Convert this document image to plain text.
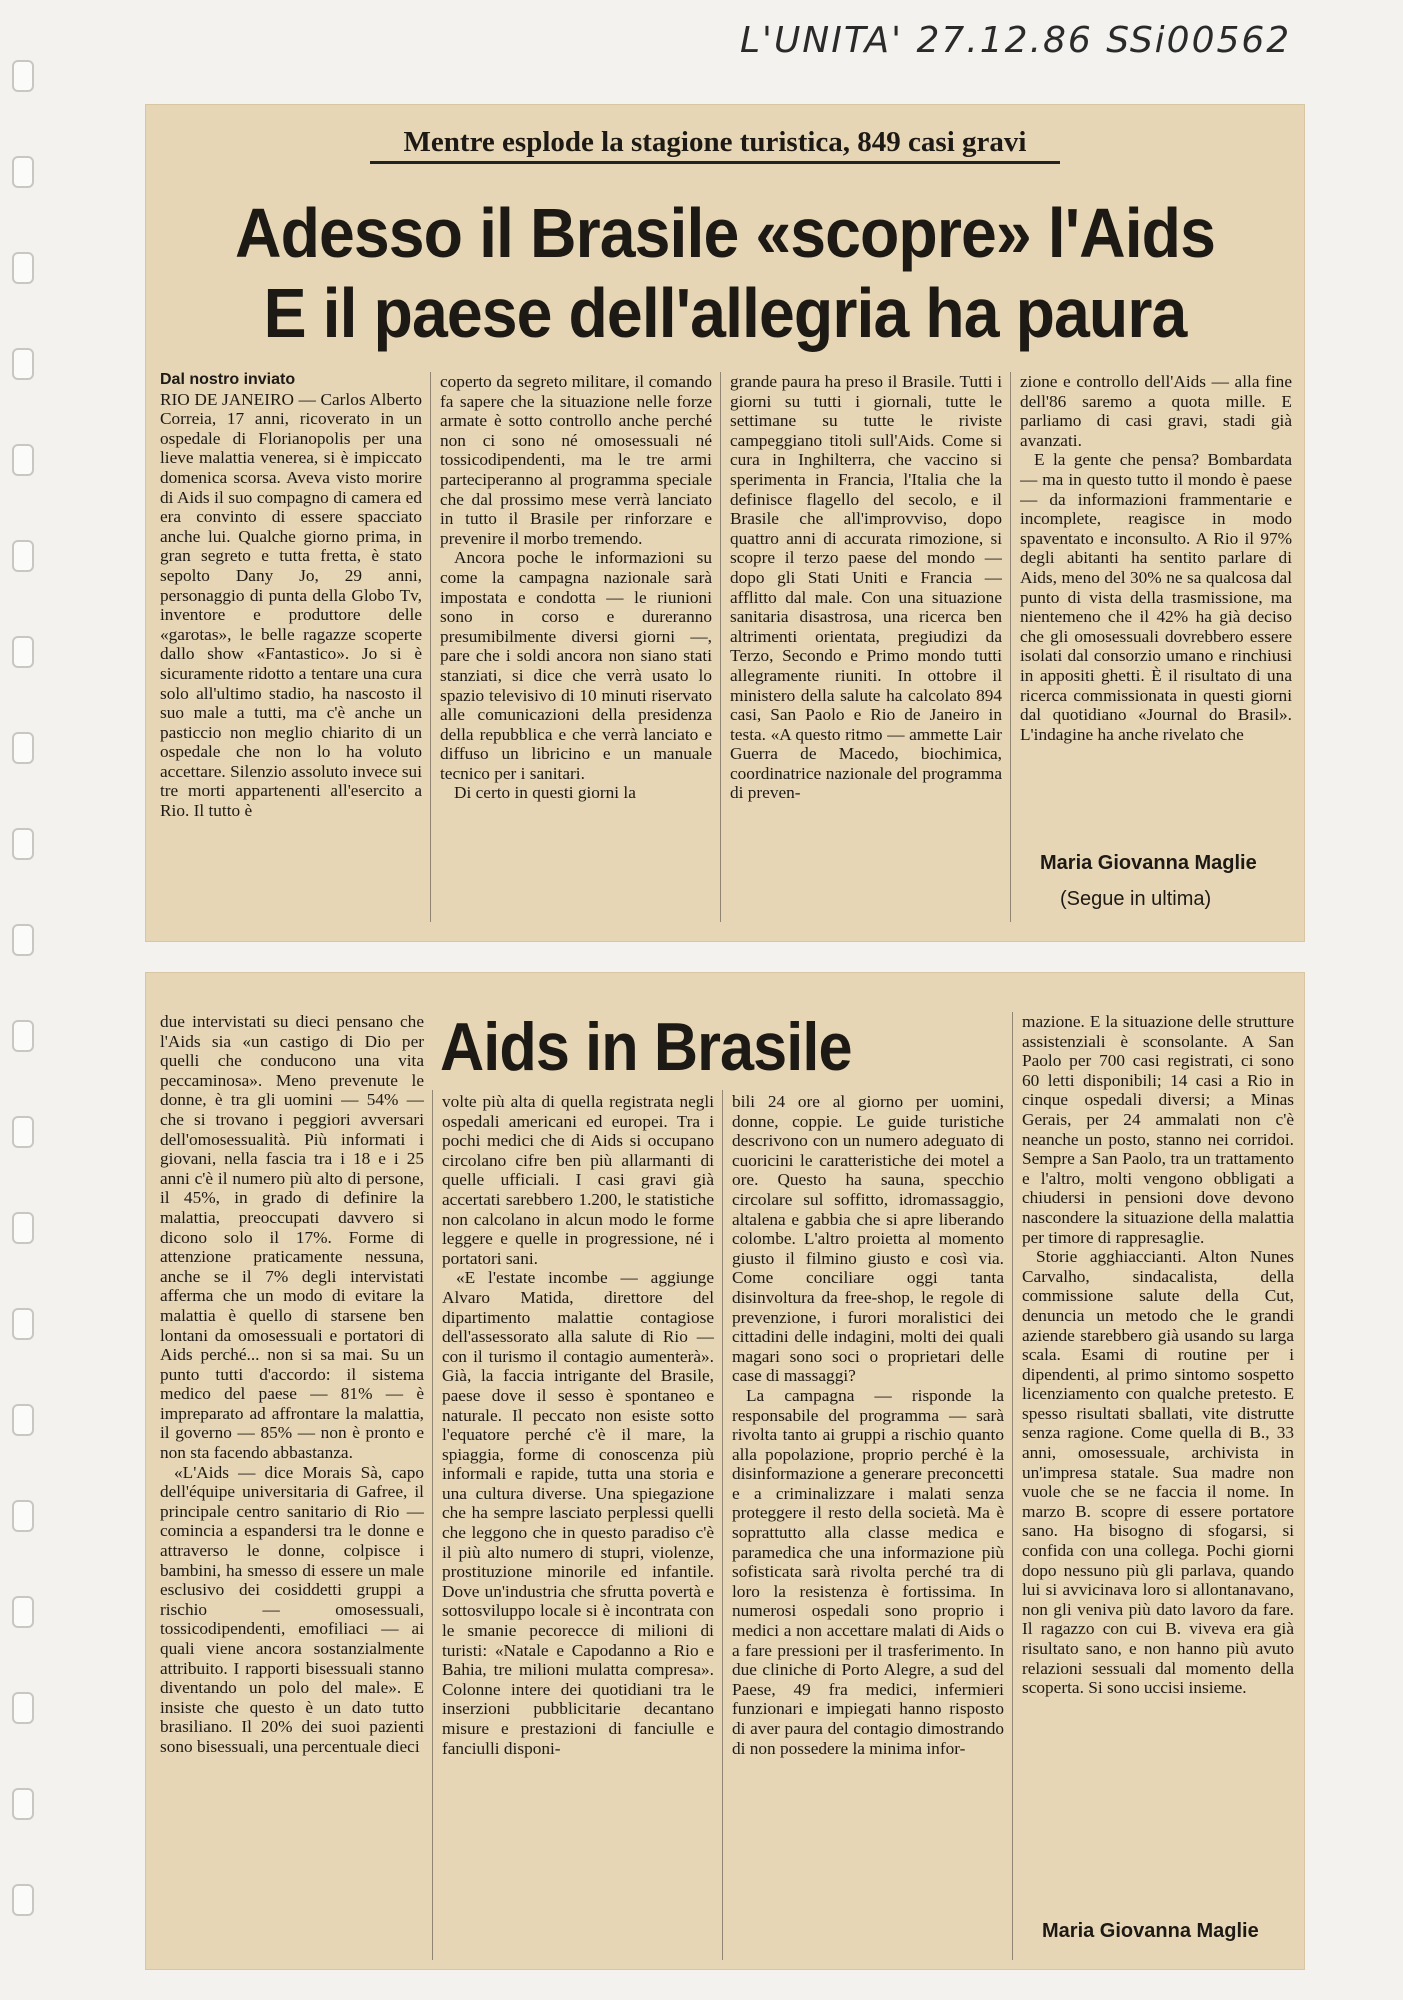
L'UNITA' 27.12.86 SSi00562
Mentre esplode la stagione turistica, 849 casi gravi
Adesso il Brasile «scopre» l'Aids
E il paese dell'allegria ha paura
Dal nostro inviato

RIO DE JANEIRO — Carlos Alberto Correia, 17 anni, ricoverato in un ospedale di Florianopolis per una lieve malattia venerea, si è impiccato domenica scorsa. Aveva visto morire di Aids il suo compagno di camera ed era convinto di essere spacciato anche lui. Qualche giorno prima, in gran segreto e tutta fretta, è stato sepolto Dany Jo, 29 anni, personaggio di punta della Globo Tv, inventore e produttore delle «garotas», le belle ragazze scoperte dallo show «Fantastico». Jo si è sicuramente ridotto a tentare una cura solo all'ultimo stadio, ha nascosto il suo male a tutti, ma c'è anche un pasticcio non meglio chiarito di un ospedale che non lo ha voluto accettare. Silenzio assoluto invece sui tre morti appartenenti all'esercito a Rio. Il tutto è

coperto da segreto militare, il comando fa sapere che la situazione nelle forze armate è sotto controllo anche perché non ci sono né omosessuali né tossicodipendenti, ma le tre armi parteciperanno al programma speciale che dal prossimo mese verrà lanciato in tutto il Brasile per rinforzare e prevenire il morbo tremendo.

Ancora poche le informazioni su come la campagna nazionale sarà impostata e condotta — le riunioni sono in corso e dureranno presumibilmente diversi giorni —, pare che i soldi ancora non siano stati stanziati, si dice che verrà usato lo spazio televisivo di 10 minuti riservato alle comunicazioni della presidenza della repubblica e che verrà lanciato e diffuso un libricino e un manuale tecnico per i sanitari.

Di certo in questi giorni la

grande paura ha preso il Brasile. Tutti i giorni su tutti i giornali, tutte le settimane su tutte le riviste campeggiano titoli sull'Aids. Come si cura in Inghilterra, che vaccino si sperimenta in Francia, l'Italia che la definisce flagello del secolo, e il Brasile che all'improvviso, dopo quattro anni di accurata rimozione, si scopre il terzo paese del mondo — dopo gli Stati Uniti e Francia — afflitto dal male. Con una situazione sanitaria disastrosa, una ricerca ben altrimenti orientata, pregiudizi da Terzo, Secondo e Primo mondo tutti allegramente riuniti. In ottobre il ministero della salute ha calcolato 894 casi, San Paolo e Rio de Janeiro in testa. «A questo ritmo — ammette Lair Guerra de Macedo, biochimica, coordinatrice nazionale del programma di preven-

zione e controllo dell'Aids — alla fine dell'86 saremo a quota mille. E parliamo di casi gravi, stadi già avanzati.

E la gente che pensa? Bombardata — ma in questo tutto il mondo è paese — da informazioni frammentarie e incomplete, reagisce in modo spaventato e inconsulto. A Rio il 97% degli abitanti ha sentito parlare di Aids, meno del 30% ne sa qualcosa dal punto di vista della trasmissione, ma nientemeno che il 42% ha già deciso che gli omosessuali dovrebbero essere isolati dal consorzio umano e rinchiusi in appositi ghetti. È il risultato di una ricerca commissionata in questi giorni dal quotidiano «Journal do Brasil». L'indagine ha anche rivelato che

Maria Giovanna Maglie
(Segue in ultima)
Aids in Brasile

due intervistati su dieci pensano che l'Aids sia «un castigo di Dio per quelli che conducono una vita peccaminosa». Meno prevenute le donne, è tra gli uomini — 54% — che si trovano i peggiori avversari dell'omosessualità. Più informati i giovani, nella fascia tra i 18 e i 25 anni c'è il numero più alto di persone, il 45%, in grado di definire la malattia, preoccupati davvero si dicono solo il 17%. Forme di attenzione praticamente nessuna, anche se il 7% degli intervistati afferma che un modo di evitare la malattia è quello di starsene ben lontani da omosessuali e portatori di Aids perché... non si sa mai. Su un punto tutti d'accordo: il sistema medico del paese — 81% — è impreparato ad affrontare la malattia, il governo — 85% — non è pronto e non sta facendo abbastanza.

«L'Aids — dice Morais Sà, capo dell'équipe universitaria di Gafree, il principale centro sanitario di Rio — comincia a espandersi tra le donne e attraverso le donne, colpisce i bambini, ha smesso di essere un male esclusivo dei cosiddetti gruppi a rischio — omosessuali, tossicodipendenti, emofiliaci — ai quali viene ancora sostanzialmente attribuito. I rapporti bisessuali stanno diventando un polo del male». E insiste che questo è un dato tutto brasiliano. Il 20% dei suoi pazienti sono bisessuali, una percentuale dieci

volte più alta di quella registrata negli ospedali americani ed europei. Tra i pochi medici che di Aids si occupano circolano cifre ben più allarmanti di quelle ufficiali. I casi gravi già accertati sarebbero 1.200, le statistiche non calcolano in alcun modo le forme leggere e quelle in progressione, né i portatori sani.

«E l'estate incombe — aggiunge Alvaro Matida, direttore del dipartimento malattie contagiose dell'assessorato alla salute di Rio — con il turismo il contagio aumenterà». Già, la faccia intrigante del Brasile, paese dove il sesso è spontaneo e naturale. Il peccato non esiste sotto l'equatore perché c'è il mare, la spiaggia, forme di conoscenza più informali e rapide, tutta una storia e una cultura diverse. Una spiegazione che ha sempre lasciato perplessi quelli che leggono che in questo paradiso c'è il più alto numero di stupri, violenze, prostituzione minorile ed infantile. Dove un'industria che sfrutta povertà e sottosviluppo locale si è incontrata con le smanie pecorecce di milioni di turisti: «Natale e Capodanno a Rio e Bahia, tre milioni mulatta compresa». Colonne intere dei quotidiani tra le inserzioni pubblicitarie decantano misure e prestazioni di fanciulle e fanciulli disponi-

bili 24 ore al giorno per uomini, donne, coppie. Le guide turistiche descrivono con un numero adeguato di cuoricini le caratteristiche dei motel a ore. Questo ha sauna, specchio circolare sul soffitto, idromassaggio, altalena e gabbia che si apre liberando colombe. L'altro proietta al momento giusto il filmino giusto e così via. Come conciliare oggi tanta disinvoltura da free-shop, le regole di prevenzione, i furori moralistici dei cittadini delle indagini, molti dei quali magari sono soci o proprietari delle case di massaggi?

La campagna — risponde la responsabile del programma — sarà rivolta tanto ai gruppi a rischio quanto alla popolazione, proprio perché è la disinformazione a generare preconcetti e a criminalizzare i malati senza proteggere il resto della società. Ma è soprattutto alla classe medica e paramedica che una informazione più sofisticata sarà rivolta perché tra di loro la resistenza è fortissima. In numerosi ospedali sono proprio i medici a non accettare malati di Aids o a fare pressioni per il trasferimento. In due cliniche di Porto Alegre, a sud del Paese, 49 fra medici, infermieri funzionari e impiegati hanno risposto di aver paura del contagio dimostrando di non possedere la minima infor-

mazione. E la situazione delle strutture assistenziali è sconsolante. A San Paolo per 700 casi registrati, ci sono 60 letti disponibili; 14 casi a Rio in cinque ospedali diversi; a Minas Gerais, per 24 ammalati non c'è neanche un posto, stanno nei corridoi. Sempre a San Paolo, tra un trattamento e l'altro, molti vengono obbligati a chiudersi in pensioni dove devono nascondere la situazione della malattia per timore di rappresaglie.

Storie agghiaccianti. Alton Nunes Carvalho, sindacalista, della commissione salute della Cut, denuncia un metodo che le grandi aziende starebbero già usando su larga scala. Esami di routine per i dipendenti, al primo sintomo sospetto licenziamento con qualche pretesto. E spesso risultati sballati, vite distrutte senza ragione. Come quella di B., 33 anni, omosessuale, archivista in un'impresa statale. Sua madre non vuole che se ne faccia il nome. In marzo B. scopre di essere portatore sano. Ha bisogno di sfogarsi, si confida con una collega. Pochi giorni dopo nessuno più gli parlava, quando lui si avvicinava loro si allontanavano, non gli veniva più dato lavoro da fare. Il ragazzo con cui B. viveva era già risultato sano, e non hanno più avuto relazioni sessuali dal momento della scoperta. Si sono uccisi insieme.

Maria Giovanna Maglie
